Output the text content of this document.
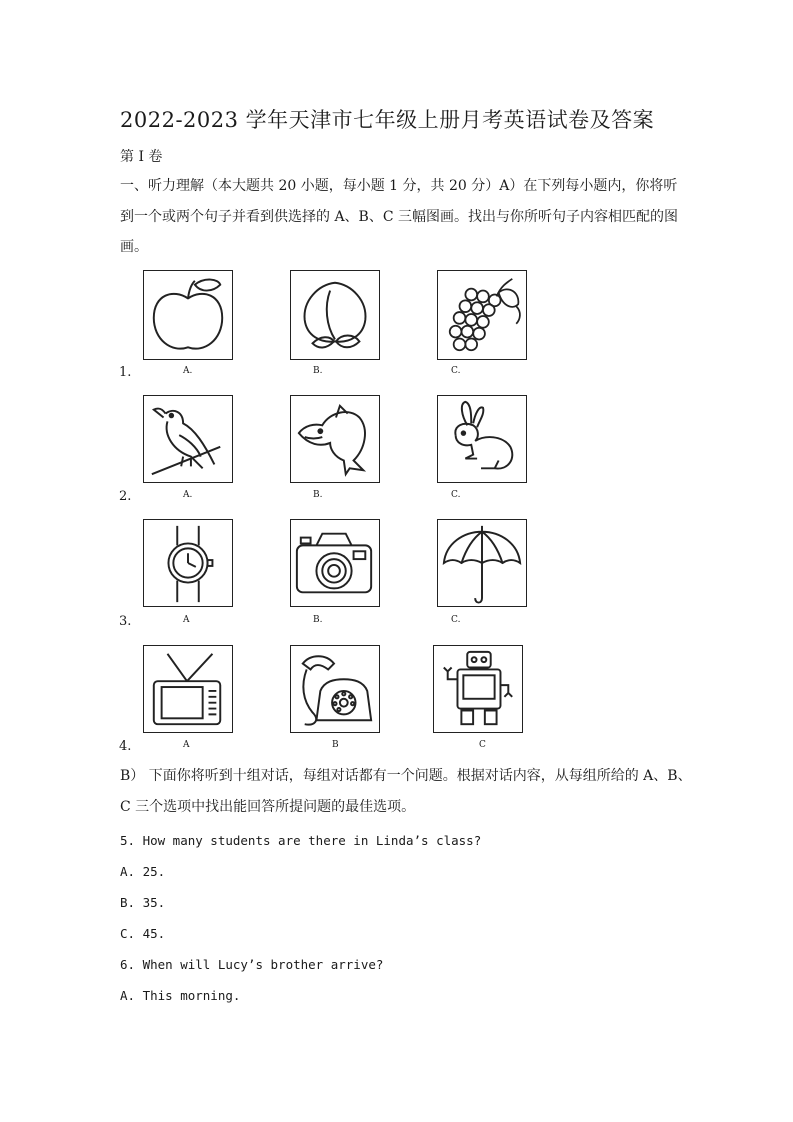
2022-2023 学年天津市七年级上册月考英语试卷及答案
第 I 卷
一、听力理解（本大题共 20 小题，每小题 1 分，共 20 分）A）在下列每小题内，你将听
到一个或两个句子并看到供选择的 A、B、C 三幅图画。找出与你所听句子内容相匹配的图
画。
1.	A.	B.	C.
2.	A.	B.	C.
3.	A	B.	C.
4.	A	B	C
B） 下面你将听到十组对话，每组对话都有一个问题。根据对话内容，从每组所给的 A、B、
C 三个选项中找出能回答所提问题的最佳选项。
5. How many students are there in Linda’s class?
A. 25.
B. 35.
C. 45.
6. When will Lucy’s brother arrive?
A. This morning.
